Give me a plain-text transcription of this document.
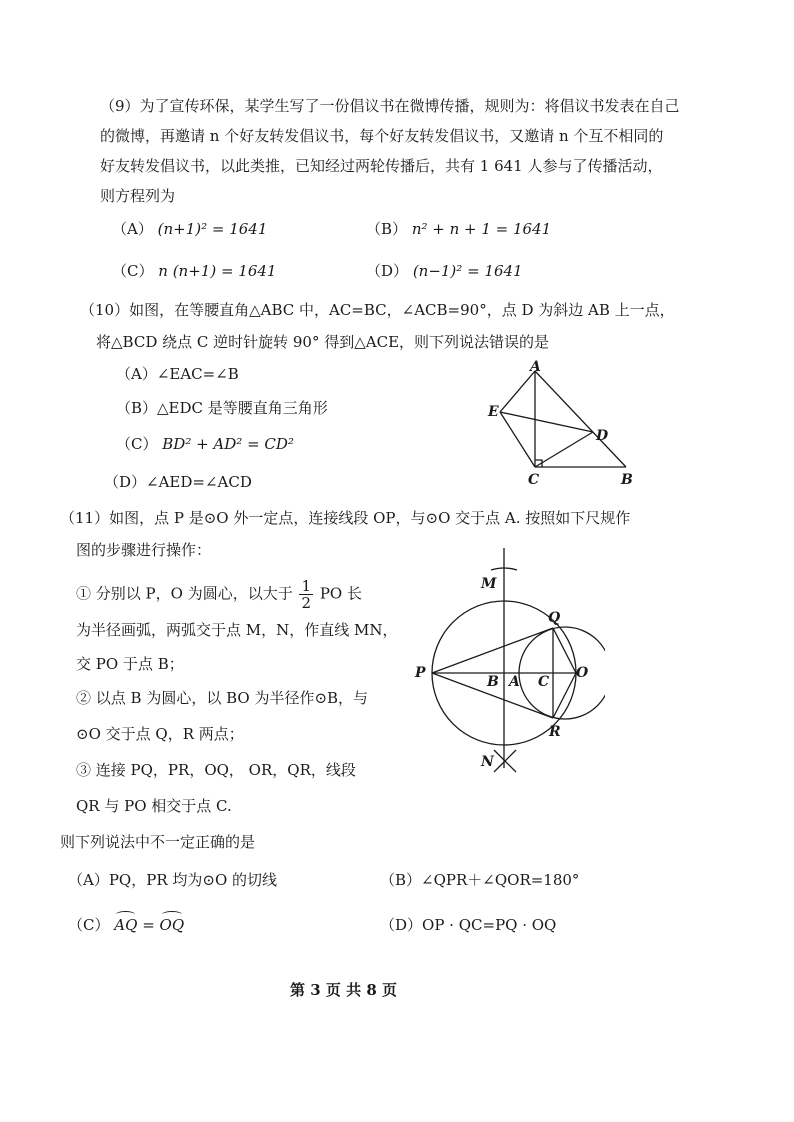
（9）为了宣传环保，某学生写了一份倡议书在微博传播，规则为：将倡议书发表在自己
的微博，再邀请 n 个好友转发倡议书，每个好友转发倡议书，又邀请 n 个互不相同的
好友转发倡议书，以此类推，已知经过两轮传播后，共有 1 641 人参与了传播活动，
则方程列为
（A） (n+1)² = 1641	（B） n² + n + 1 = 1641
（C） n (n+1) = 1641	（D） (n−1)² = 1641
（10）如图，在等腰直角△ABC 中，AC=BC，∠ACB=90°，点 D 为斜边 AB 上一点，
将△BCD 绕点 C 逆时针旋转 90° 得到△ACE，则下列说法错误的是
（A）∠EAC=∠B
（B）△EDC 是等腰直角三角形
（C） BD² + AD² = CD²
（D）∠AED=∠ACD
A
E
D
C	B
（11）如图，点 P 是⊙O 外一定点，连接线段 OP，与⊙O 交于点 A. 按照如下尺规作
图的步骤进行操作：
① 分别以 P，O 为圆心，以大于 $\frac{1}{2}$ PO 长
为半径画弧，两弧交于点 M，N，作直线 MN，
交 PO 于点 B；
② 以点 B 为圆心，以 BO 为半径作⊙B，与
⊙O 交于点 Q，R 两点；
③ 连接 PQ，PR，OQ， OR，QR，线段
QR 与 PO 相交于点 C.
则下列说法中不一定正确的是
（A）PQ，PR 均为⊙O 的切线	（B）∠QPR＋∠QOR=180°
（C） AQ = OQ	（D）OP · QC=PQ · OQ
M
N
P
Q
R
O
B A C
第 3 页 共 8 页
